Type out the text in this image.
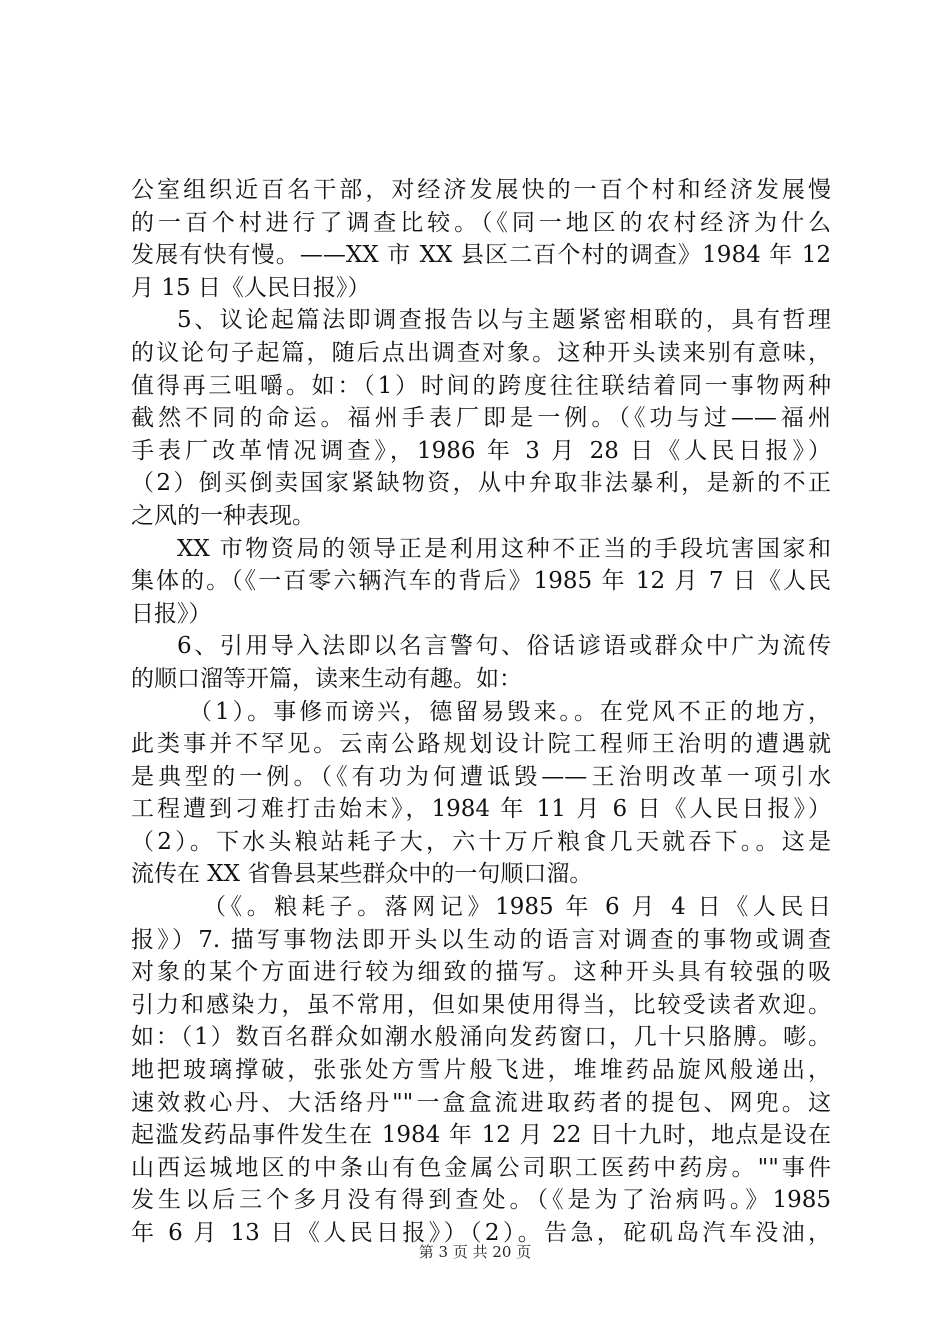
公室组织近百名干部，对经济发展快的一百个村和经济发展慢
的一百个村进行了调查比较。（《同一地区的农村经济为什么
发展有快有慢。——XX 市 XX 县区二百个村的调查》1984 年 12
月 15 日《人民日报》）
5、议论起篇法即调查报告以与主题紧密相联的，具有哲理
的议论句子起篇，随后点出调查对象。这种开头读来别有意味，
值得再三咀嚼。如：（1）时间的跨度往往联结着同一事物两种
截然不同的命运。福州手表厂即是一例。（《功与过——福州
手表厂改革情况调查》，1986 年 3 月 28 日《人民日报》）
（2）倒买倒卖国家紧缺物资，从中弁取非法暴利，是新的不正
之风的一种表现。
XX 市物资局的领导正是利用这种不正当的手段坑害国家和
集体的。（《一百零六辆汽车的背后》1985 年 12 月 7 日《人民
日报》）
6、引用导入法即以名言警句、俗话谚语或群众中广为流传
的顺口溜等开篇，读来生动有趣。如：
（1）。事修而谤兴，德留易毁来。。在党风不正的地方，
此类事并不罕见。云南公路规划设计院工程师王治明的遭遇就
是典型的一例。（《有功为何遭诋毁——王治明改革一项引水
工程遭到刁难打击始末》，1984 年 11 月 6 日《人民日报》）
（2）。下水头粮站耗子大，六十万斤粮食几天就吞下。。这是
流传在 XX 省鲁县某些群众中的一句顺口溜。
（《。粮耗子。落网记》1985 年 6 月 4 日《人民日
报》）7. 描写事物法即开头以生动的语言对调查的事物或调查
对象的某个方面进行较为细致的描写。这种开头具有较强的吸
引力和感染力，虽不常用，但如果使用得当，比较受读者欢迎。
如：（1）数百名群众如潮水般涌向发药窗口，几十只胳膊。嘭。
地把玻璃撑破，张张处方雪片般飞进，堆堆药品旋风般递出，
速效救心丹、大活络丹""一盒盒流进取药者的提包、网兜。这
起滥发药品事件发生在 1984 年 12 月 22 日十九时，地点是设在
山西运城地区的中条山有色金属公司职工医药中药房。""事件
发生以后三个多月没有得到查处。（《是为了治病吗。》1985
年 6 月 13 日《人民日报》）（2）。告急，砣矶岛汽车没油，
第 3 页 共 20 页
